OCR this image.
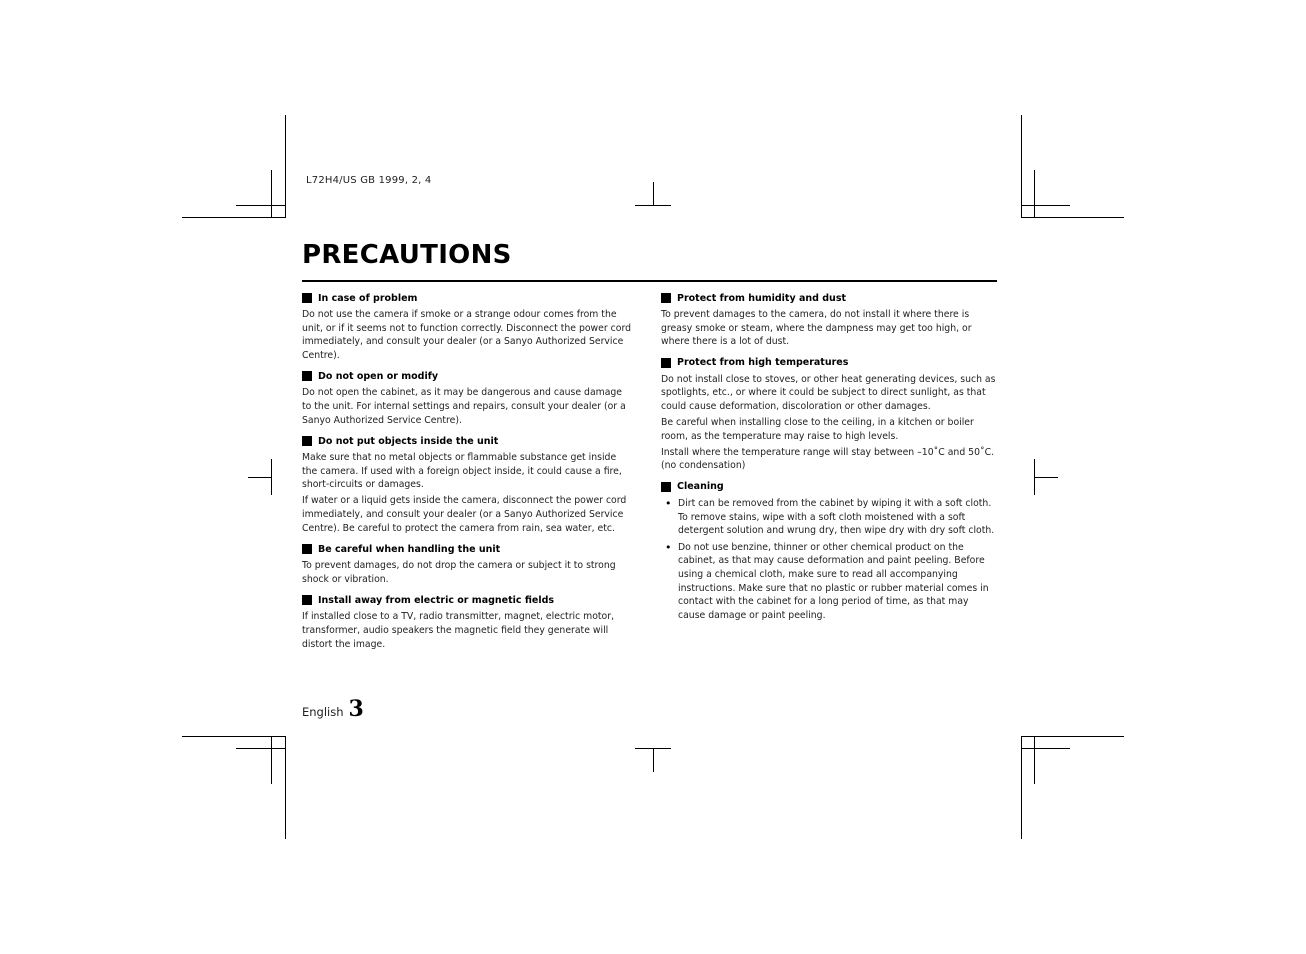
L72H4/US GB 1999, 2, 4
PRECAUTIONS
In case of problem

Do not use the camera if smoke or a strange odour comes from the unit, or if it seems not to function correctly. Disconnect the power cord immediately, and consult your dealer (or a Sanyo Authorized Service Centre).

Do not open or modify

Do not open the cabinet, as it may be dangerous and cause damage to the unit. For internal settings and repairs, consult your dealer (or a Sanyo Authorized Service Centre).

Do not put objects inside the unit

Make sure that no metal objects or flammable substance get inside the camera. If used with a foreign object inside, it could cause a fire, short-circuits or damages.

If water or a liquid gets inside the camera, disconnect the power cord immediately, and consult your dealer (or a Sanyo Authorized Service Centre). Be careful to protect the camera from rain, sea water, etc.

Be careful when handling the unit

To prevent damages, do not drop the camera or subject it to strong shock or vibration.

Install away from electric or magnetic fields

If installed close to a TV, radio transmitter, magnet, electric motor, transformer, audio speakers the magnetic field they generate will distort the image.

Protect from humidity and dust

To prevent damages to the camera, do not install it where there is greasy smoke or steam, where the dampness may get too high, or where there is a lot of dust.

Protect from high temperatures

Do not install close to stoves, or other heat generating devices, such as spotlights, etc., or where it could be subject to direct sunlight, as that could cause deformation, discoloration or other damages.

Be careful when installing close to the ceiling, in a kitchen or boiler room, as the temperature may raise to high levels.

Install where the temperature range will stay between –10˚C and 50˚C. (no condensation)

Cleaning
• Dirt can be removed from the cabinet by wiping it with a soft cloth. To remove stains, wipe with a soft cloth moistened with a soft detergent solution and wrung dry, then wipe dry with dry soft cloth.
• Do not use benzine, thinner or other chemical product on the cabinet, as that may cause deformation and paint peeling. Before using a chemical cloth, make sure to read all accompanying instructions. Make sure that no plastic or rubber material comes in contact with the cabinet for a long period of time, as that may cause damage or paint peeling.
English 3
